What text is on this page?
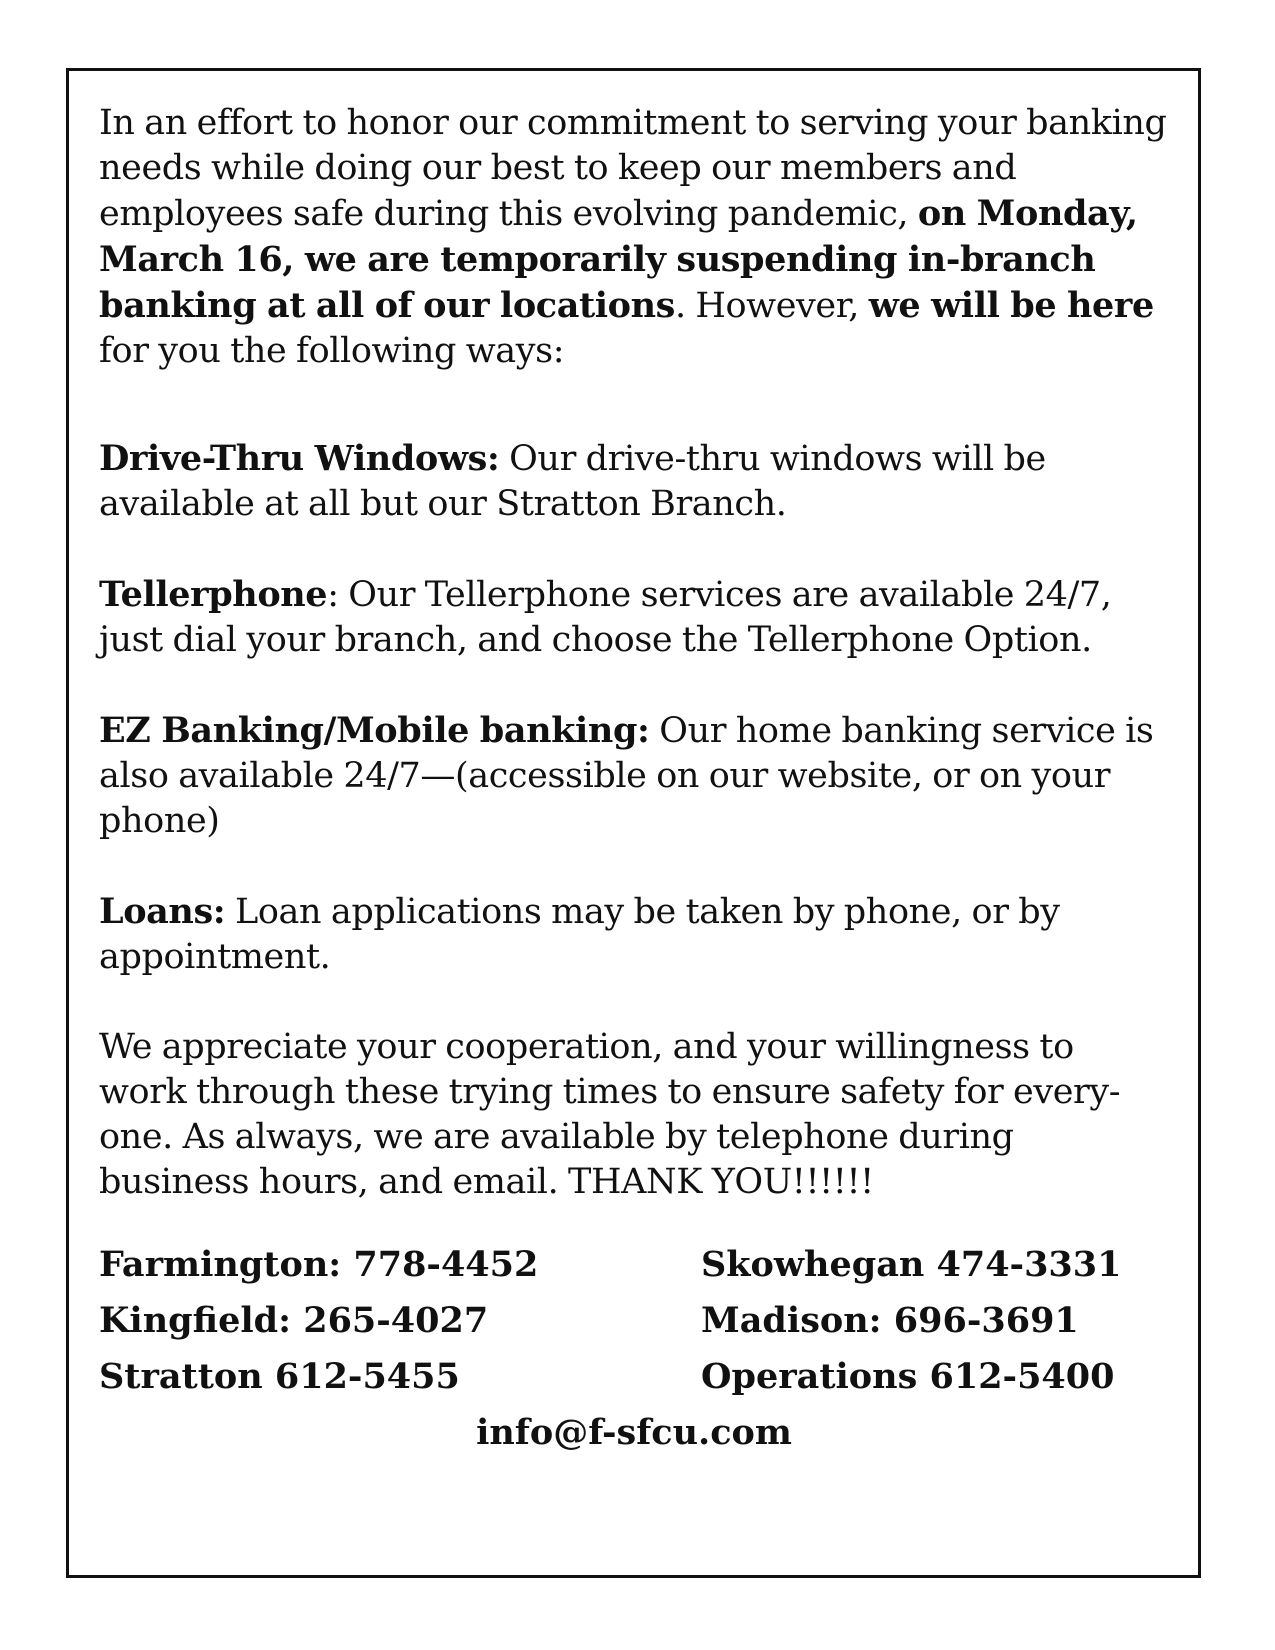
In an effort to honor our commitment to serving your banking needs while doing our best to keep our members and employees safe during this evolving pandemic, on Monday, March 16, we are temporarily suspending in-branch banking at all of our locations. However, we will be here for you the following ways:

Drive-Thru Windows: Our drive-thru windows will be available at all but our Stratton Branch.

Tellerphone: Our Tellerphone services are available 24/7, just dial your branch, and choose the Tellerphone Option.

EZ Banking/Mobile banking: Our home banking service is also available 24/7—(accessible on our website, or on your phone)

Loans: Loan applications may be taken by phone, or by appointment.

We appreciate your cooperation, and your willingness to work through these trying times to ensure safety for every-one. As always, we are available by telephone during business hours, and email. THANK YOU!!!!!!

Farmington: 778-4452	Skowhegan 474-3331
Kingfield: 265-4027	Madison: 696-3691
Stratton 612-5455	Operations 612-5400
info@f-sfcu.com
